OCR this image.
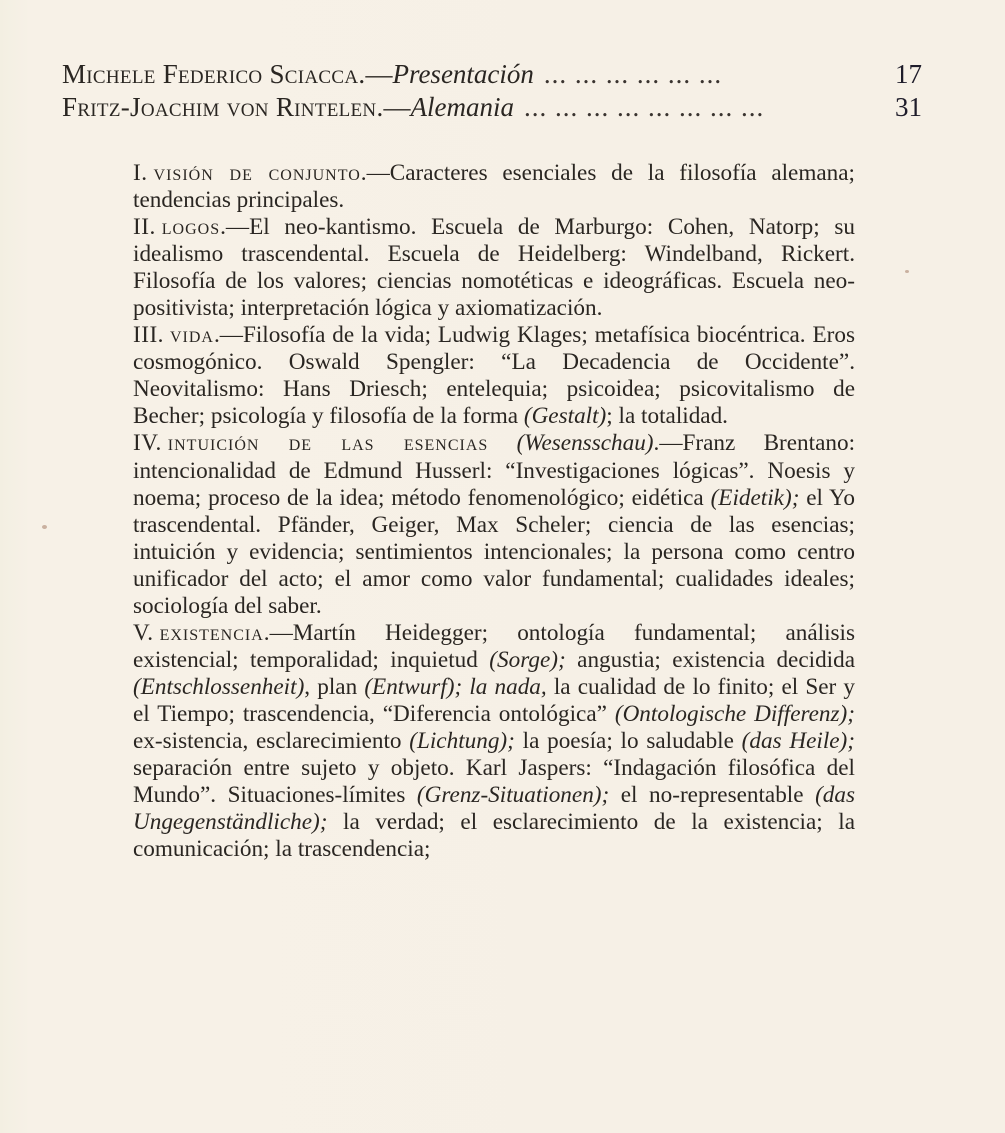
Michele Federico Sciacca. — Presentación ... ... ... ... ... ...	17
Fritz-Joachim von Rintelen. — Alemania ... ... ... ... ... ... ... ...	31

I. visión de conjunto.—Caracteres esenciales de la filosofía alemana; tendencias principales.

II. logos.—El neo-kantismo. Escuela de Marburgo: Cohen, Natorp; su idealismo trascendental. Escuela de Heidelberg: Windelband, Rickert. Filosofía de los valores; ciencias nomotéticas e ideográficas. Escuela neo-positivista; interpretación lógica y axiomatización.

III. vida.—Filosofía de la vida; Ludwig Klages; metafísica biocéntrica. Eros cosmogónico. Oswald Spengler: “La Decadencia de Occidente”. Neovitalismo: Hans Driesch; entelequia; psicoidea; psicovitalismo de Becher; psicología y filosofía de la forma (Gestalt); la totalidad.

IV. intuición de las esencias (Wesensschau).—Franz Brentano: intencionalidad de Edmund Husserl: “Investigaciones lógicas”. Noesis y noema; proceso de la idea; método fenomenológico; eidética (Eidetik); el Yo trascendental. Pfänder, Geiger, Max Scheler; ciencia de las esencias; intuición y evidencia; sentimientos intencionales; la persona como centro unificador del acto; el amor como valor fundamental; cualidades ideales; sociología del saber.

V. existencia.—Martín Heidegger; ontología fundamental; análisis existencial; temporalidad; inquietud (Sorge); angustia; existencia decidida (Entschlossenheit), plan (Entwurf); la nada, la cualidad de lo finito; el Ser y el Tiempo; trascendencia, “Diferencia ontológica” (Ontologische Differenz); ex-sistencia, esclarecimiento (Lichtung); la poesía; lo saludable (das Heile); separación entre sujeto y objeto. Karl Jaspers: “Indagación filosófica del Mundo”. Situaciones-límites (Grenz-Situationen); el no-representable (das Ungegenständliche); la verdad; el esclarecimiento de la existencia; la comunicación; la trascendencia;
